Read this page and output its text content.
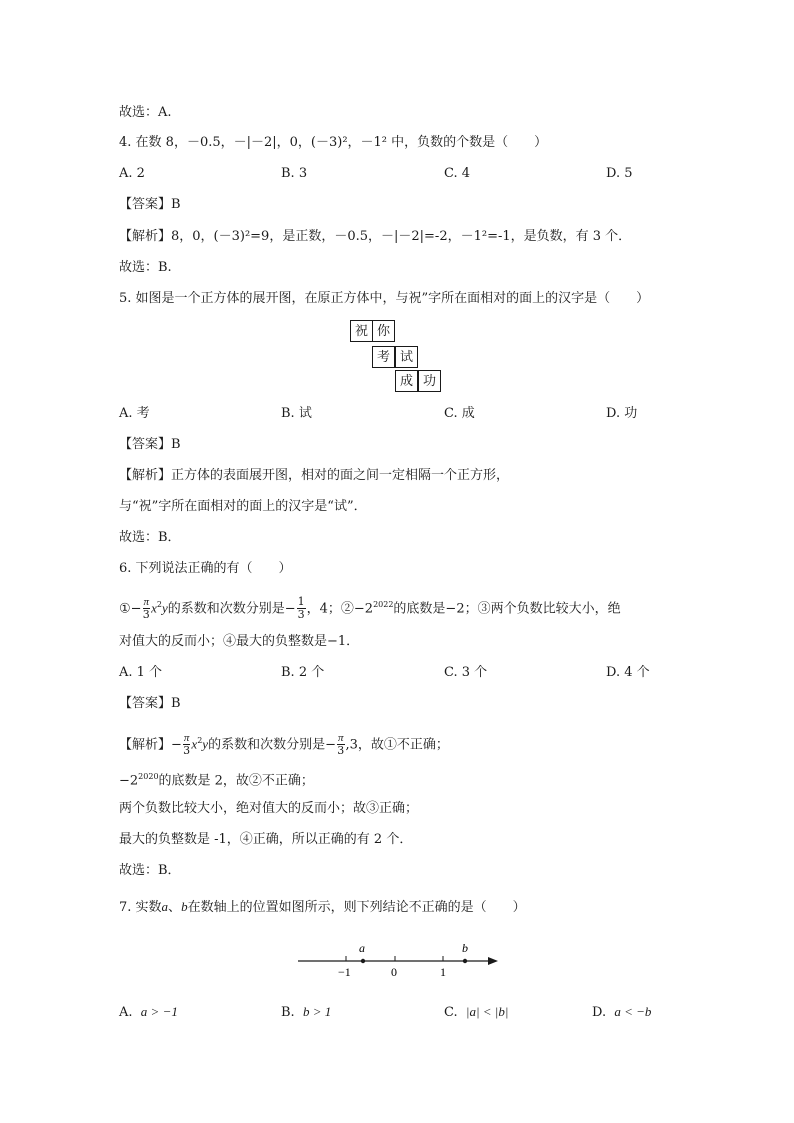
故选：A.
4. 在数 8，－0.5，－|－2|，0，(－3)²，－1² 中，负数的个数是（　　）
A. 2	B. 3	C. 4	D. 5
【答案】B
【解析】8，0，(－3)²=9，是正数，－0.5，－|－2|=-2，－1²=-1，是负数，有 3 个．
故选：B.
5. 如图是一个正方体的展开图，在原正方体中，与祝”字所在面相对的面上的汉字是（　　）
祝 你
考 试
成 功
A. 考	B. 试	C. 成	D. 功
【答案】B
【解析】正方体的表面展开图，相对的面之间一定相隔一个正方形，
与“祝”字所在面相对的面上的汉字是“试”．
故选：B．
6. 下列说法正确的有（　　）
①− $\frac{\pi}{3} x^2y$的系数和次数分别是− $\frac{1}{3}$ ，4；$②-2^{2022}$的底数是−2；③两个负数比较大小，绝
对值大的反而小；④最大的负整数是−1．
A. 1 个	B. 2 个	C. 3 个	D. 4 个
【答案】B
【解析】− $\frac{\pi}{3} x^2y$的系数和次数分别是− $\frac{\pi}{3} ,3$，故①不正确；
$-2^{2020}$的底数是 2，故②不正确；
两个负数比较大小，绝对值大的反而小；故③正确；
最大的负整数是 -1，④正确，所以正确的有 2 个．
故选：B．
7. 实数a、b在数轴上的位置如图所示，则下列结论不正确的是（　　）
a	b
−1	0	1
A. a > −1	B. b > 1	C. |a| < |b|	D. a < −b
